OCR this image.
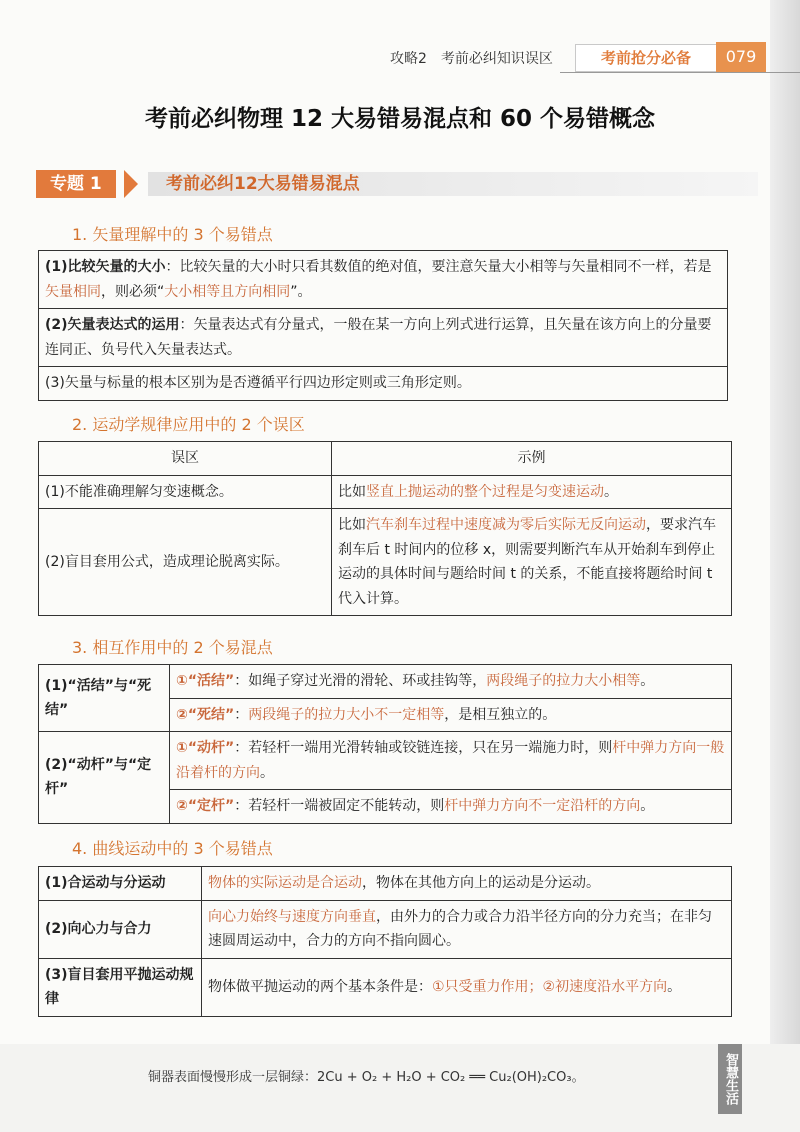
攻略2　考前必纠知识误区	考前抢分必备	079
考前必纠物理 12 大易错易混点和 60 个易错概念
专题 1	考前必纠12大易错易混点
1. 矢量理解中的 3 个易错点
(1)比较矢量的大小：比较矢量的大小时只看其数值的绝对值，要注意矢量大小相等与矢量相同不一样，若是矢量相同，则必须“大小相等且方向相同”。
(2)矢量表达式的运用：矢量表达式有分量式，一般在某一方向上列式进行运算，且矢量在该方向上的分量要连同正、负号代入矢量表达式。
(3)矢量与标量的根本区别为是否遵循平行四边形定则或三角形定则。
2. 运动学规律应用中的 2 个误区
误区	示例
(1)不能准确理解匀变速概念。	比如竖直上抛运动的整个过程是匀变速运动。
(2)盲目套用公式，造成理论脱离实际。	比如汽车刹车过程中速度减为零后实际无反向运动，要求汽车刹车后 t 时间内的位移 x，则需要判断汽车从开始刹车到停止运动的具体时间与题给时间 t 的关系，不能直接将题给时间 t 代入计算。
3. 相互作用中的 2 个易混点
(1)“活结”与“死结”	①“活结”：如绳子穿过光滑的滑轮、环或挂钩等，两段绳子的拉力大小相等。
	②“死结”：两段绳子的拉力大小不一定相等，是相互独立的。
(2)“动杆”与“定杆”	①“动杆”：若轻杆一端用光滑转轴或铰链连接，只在另一端施力时，则杆中弹力方向一般沿着杆的方向。
	②“定杆”：若轻杆一端被固定不能转动，则杆中弹力方向不一定沿杆的方向。
4. 曲线运动中的 3 个易错点
(1)合运动与分运动	物体的实际运动是合运动，物体在其他方向上的运动是分运动。
(2)向心力与合力	向心力始终与速度方向垂直，由外力的合力或合力沿半径方向的分力充当；在非匀速圆周运动中，合力的方向不指向圆心。
(3)盲目套用平抛运动规律	物体做平抛运动的两个基本条件是：①只受重力作用；②初速度沿水平方向。
铜器表面慢慢形成一层铜绿：2Cu + O₂ + H₂O + CO₂ ══ Cu₂(OH)₂CO₃。	智慧生活
